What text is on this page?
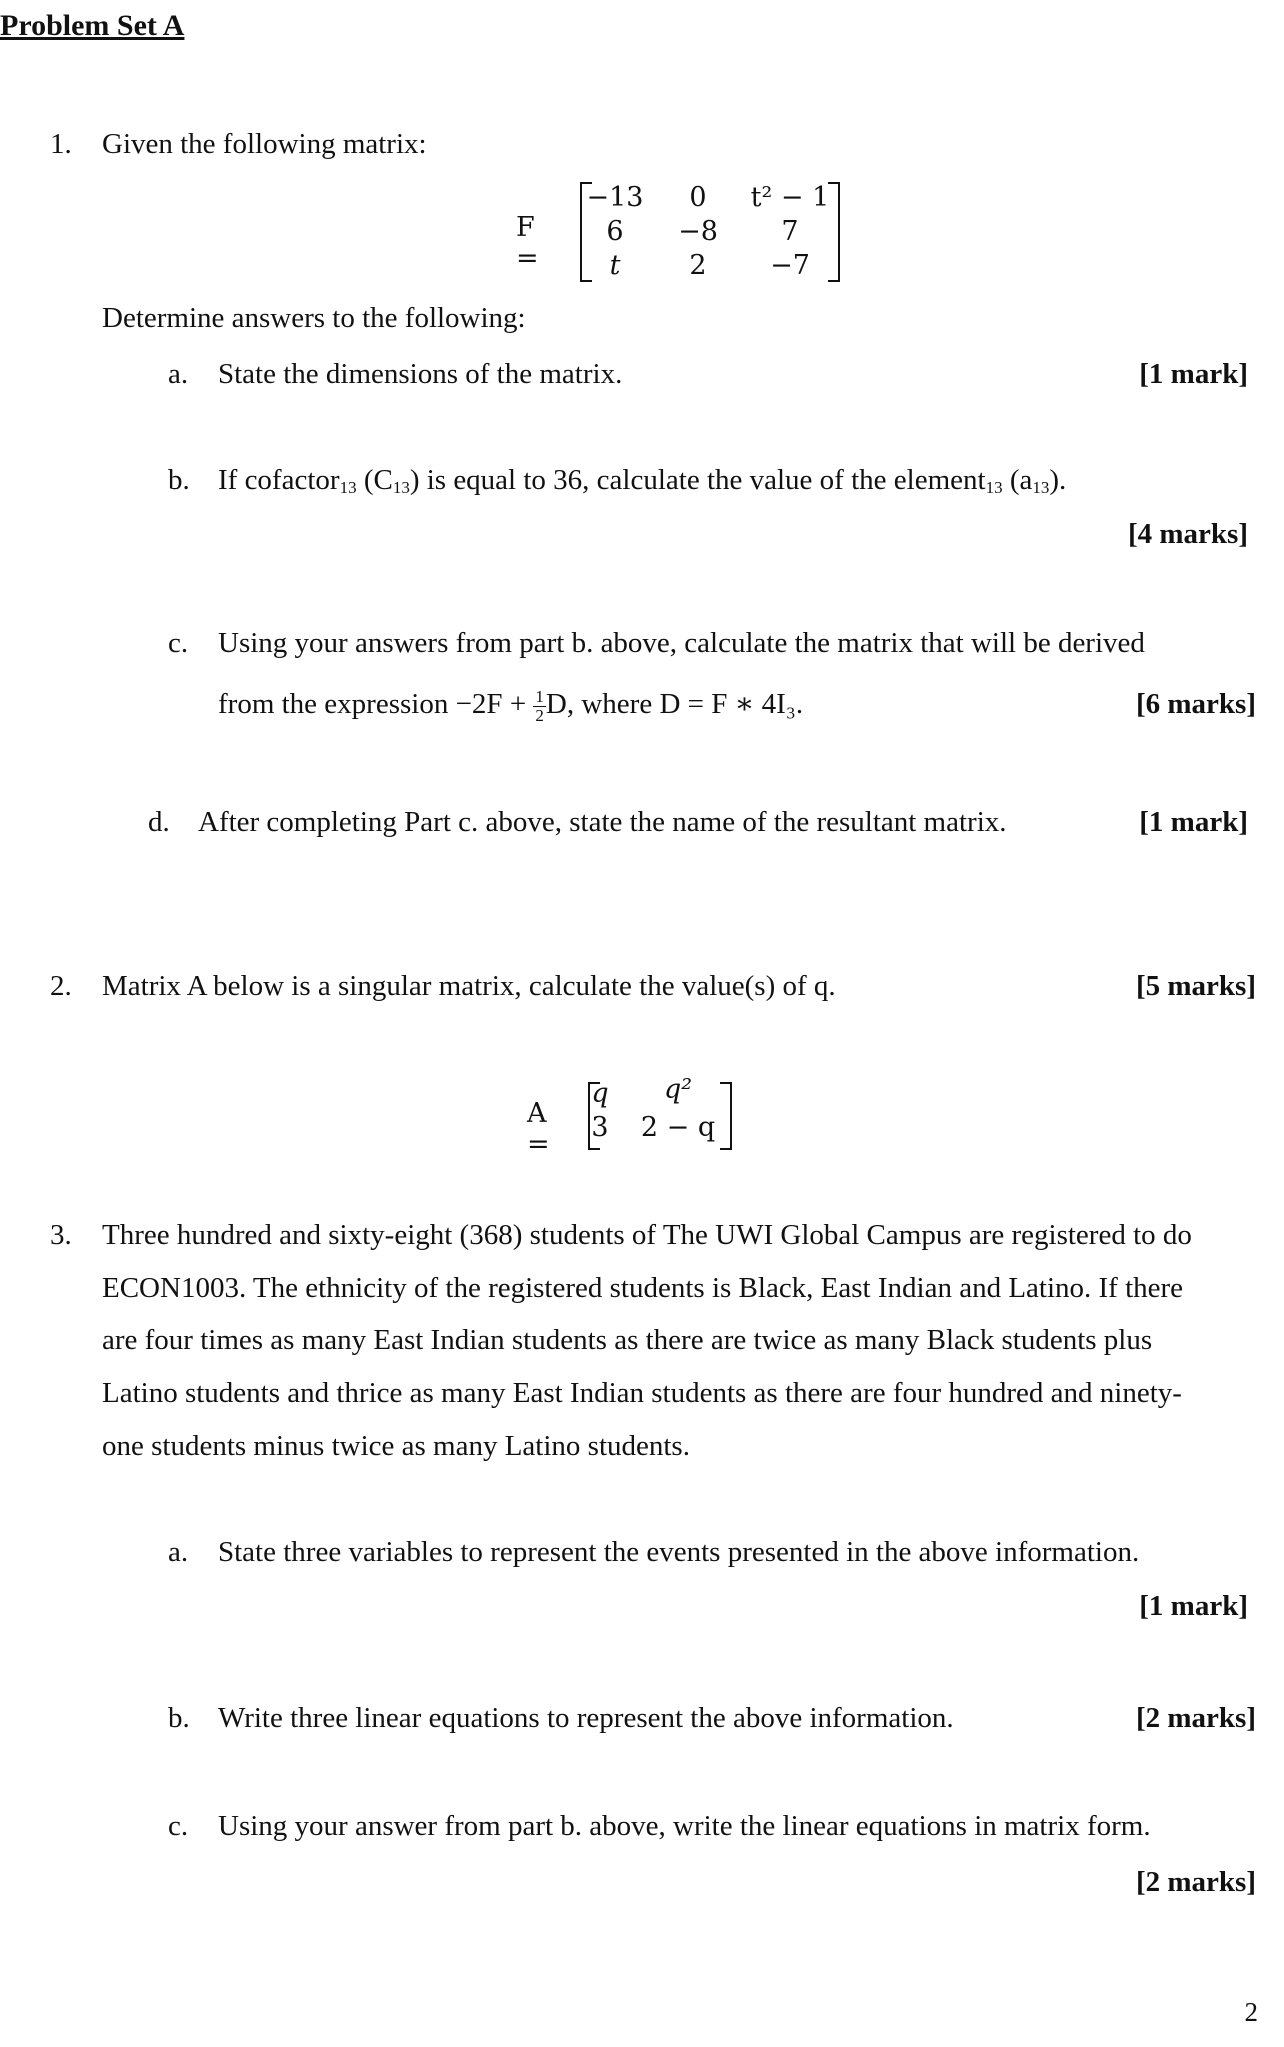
Problem Set A
1. Given the following matrix:
F =
−13	0	t² − 1
6	−8	7
t	2	−7
Determine answers to the following:
a. State the dimensions of the matrix.	[1 mark]
b. If cofactor$_{13}$ $(C_{13})$ is equal to 36, calculate the value of the element$_{13}$ $(a_{13})$.
[4 marks]
c. Using your answers from part b. above, calculate the matrix that will be derived
from the expression $-2F + \frac{1}{2} D$, where D = F ∗ 4I₃.	[6 marks]
d. After completing Part c. above, state the name of the resultant matrix.	[1 mark]
2. Matrix A below is a singular matrix, calculate the value(s) of q.	[5 marks]
A =
q	q²
3	2 − q
3. Three hundred and sixty-eight (368) students of The UWI Global Campus are registered to do
ECON1003. The ethnicity of the registered students is Black, East Indian and Latino. If there
are four times as many East Indian students as there are twice as many Black students plus
Latino students and thrice as many East Indian students as there are four hundred and ninety-
one students minus twice as many Latino students.
a. State three variables to represent the events presented in the above information.
[1 mark]
b. Write three linear equations to represent the above information.	[2 marks]
c. Using your answer from part b. above, write the linear equations in matrix form.
[2 marks]
2
